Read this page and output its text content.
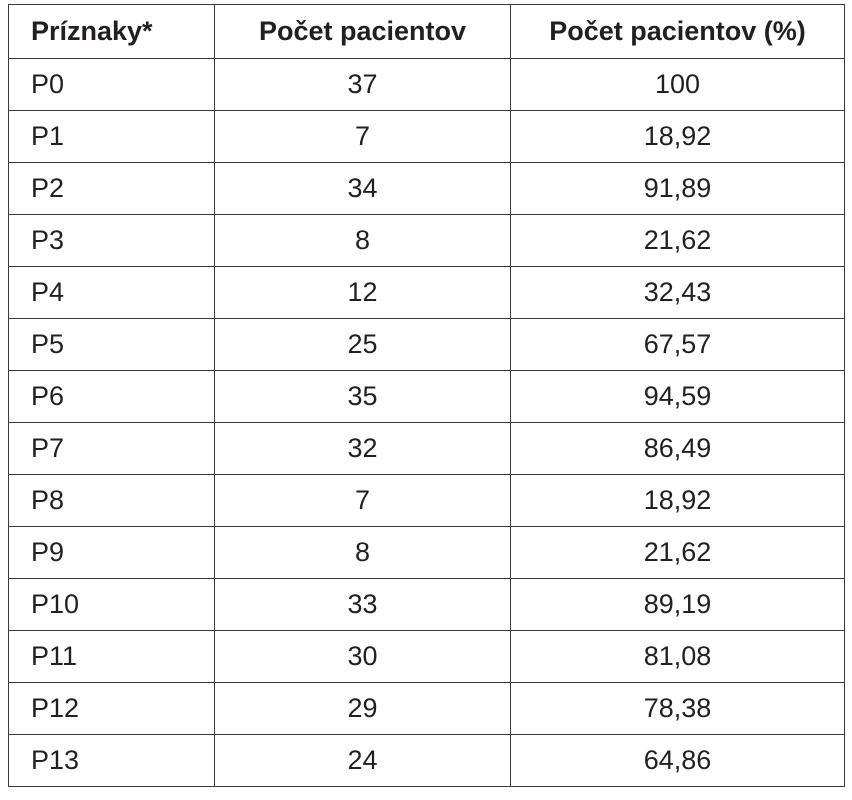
Príznaky*	Počet pacientov	Počet pacientov (%)
P0	37	100
P1	7	18,92
P2	34	91,89
P3	8	21,62
P4	12	32,43
P5	25	67,57
P6	35	94,59
P7	32	86,49
P8	7	18,92
P9	8	21,62
P10	33	89,19
P11	30	81,08
P12	29	78,38
P13	24	64,86
